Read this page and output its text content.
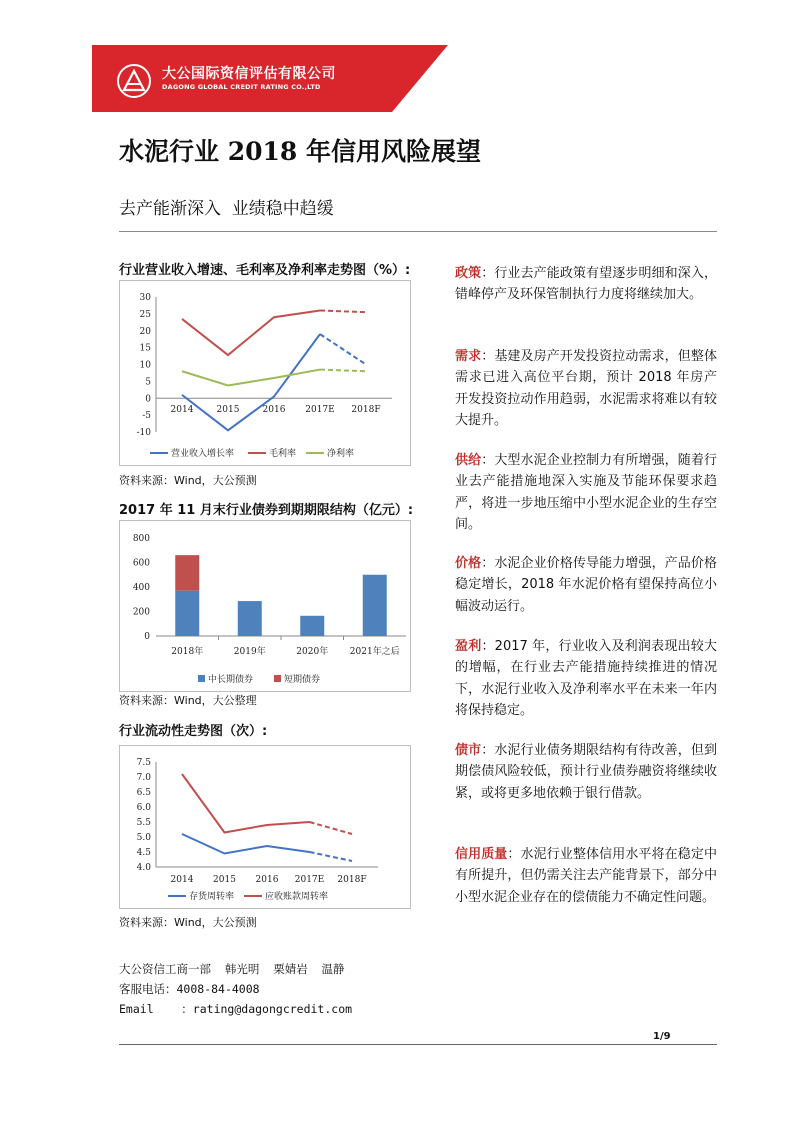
大公国际资信评估有限公司
DAGONG GLOBAL CREDIT RATING CO.,LTD
水泥行业 2018 年信用风险展望
去产能渐深入  业绩稳中趋缓
行业营业收入增速、毛利率及净利率走势图（%）:
-10
-5
0
5
10
15
20
25
30
2014	2015	2016 2017E 2018F
营业收入增长率	毛利率	净利率
资料来源：Wind，大公预测
2017 年 11 月末行业债券到期期限结构（亿元）:
0
200
400
600
800
2018年	2019年	2020年 2021年之后
中长期债券	短期债券
资料来源：Wind，大公整理
行业流动性走势图（次）:
4.0
4.5
5.0
5.5
6.0
6.5
7.0
7.5
2014 2015 2016 2017E 2018F
存货周转率	应收账款周转率
资料来源：Wind，大公预测
政策：行业去产能政策有望逐步明细和深入，错峰停产及环保管制执行力度将继续加大。
需求：基建及房产开发投资拉动需求，但整体需求已进入高位平台期，预计 2018 年房产开发投资拉动作用趋弱，水泥需求将难以有较大提升。
供给：大型水泥企业控制力有所增强，随着行业去产能措施地深入实施及节能环保要求趋严，将进一步地压缩中小型水泥企业的生存空间。
价格：水泥企业价格传导能力增强，产品价格稳定增长，2018 年水泥价格有望保持高位小幅波动运行。
盈利：2017 年，行业收入及利润表现出较大的增幅，在行业去产能措施持续推进的情况下，水泥行业收入及净利率水平在未来一年内将保持稳定。
债市：水泥行业债务期限结构有待改善，但到期偿债风险较低，预计行业债券融资将继续收紧，或将更多地依赖于银行借款。
信用质量：水泥行业整体信用水平将在稳定中有所提升，但仍需关注去产能背景下，部分中小型水泥企业存在的偿债能力不确定性问题。
大公资信工商一部  韩光明  栗婧岩  温静
客服电话：4008-84-4008
Email    ：rating@dagongcredit.com
1/9
